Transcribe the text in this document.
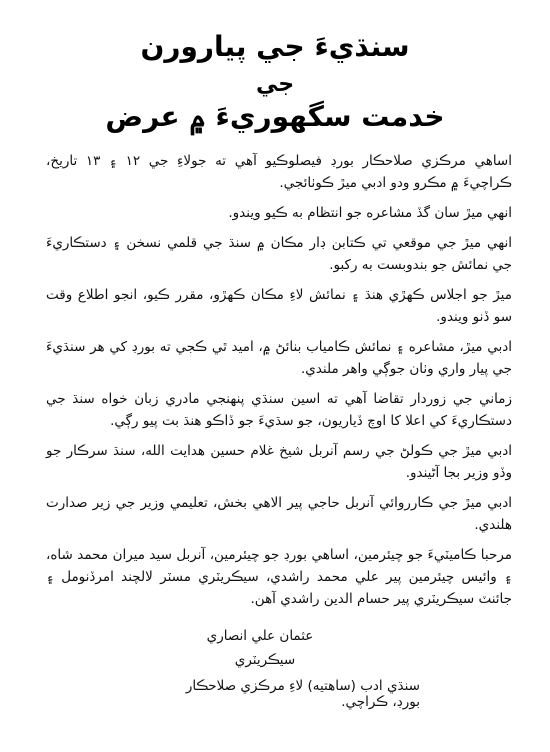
سنڌيءَ جي پيارورن
جي
خدمت سگهوريءَ ۾ عرض

اساهي مرڪزي صلاحڪار بورڊ فيصلوڪيو آهي ته جولاءِ جي ١٢ ۽ ١٣ تاريخ، ڪراچيءَ ۾ مڪرو ودو ادبي ميڙ ڪوٺائجي.

انهي ميڙ سان گڏ مشاعره جو انتظام به ڪيو ويندو.

انهي ميڙ جي موقعي تي ڪتابن ڊار مڪان ۾ سنڌ جي قلمي نسخن ۽ دستڪاريءَ جي نمائش جو بندوبست به رکبو.

ميڙ جو اجلاس ڪهڙي هنڌ ۽ نمائش لاءِ مڪان ڪهڙو، مقرر ڪيو، انجو اطلاع وقت سو ڏنو ويندو.

ادبي ميڙ، مشاعره ۽ نمائش ڪامياب بنائڻ ۾، اميد ٿي ڪجي ته بورڊ کي هر سنڌيءَ جي پيار واري وٺان جوڳي واهر ملندي.

زماني جي زوردار تقاضا آهي ته اسين سنڌي پنهنجي مادري زبان خواه سنڌ جي دستڪاريءَ کي اعلا کا اوچ ڏياريون، جو سڌيءَ جو ڏاڪو هنڌ بت پيو رڳي.

ادبي ميڙ جي ڪولڻ جي رسم آنربل شيخ غلام حسين هدايت الله، سنڌ سرڪار جو وڏو وزير بجا آڻيندو.

ادبي ميڙ جي ڪارروائي آنربل حاجي پير الاهي بخش، تعليمي وزير جي زير صدارت هلندي.

مرحبا ڪاميٽيءَ جو چيئرمين، اساهي بورڊ جو چيئرمين، آنربل سيد ميران محمد شاه، ۽ وائيس چيئرمين پير علي محمد راشدي، سيڪريٽري مسٽر لالچند امرڏنومل ۽ جائنٽ سيڪريٽري پير حسام الدين راشدي آهن.

عثمان علي انصاري
سيڪريٽري
سنڌي ادب (ساهتيه) لاءِ مرڪزي صلاحڪار بورڊ، ڪراچي.
